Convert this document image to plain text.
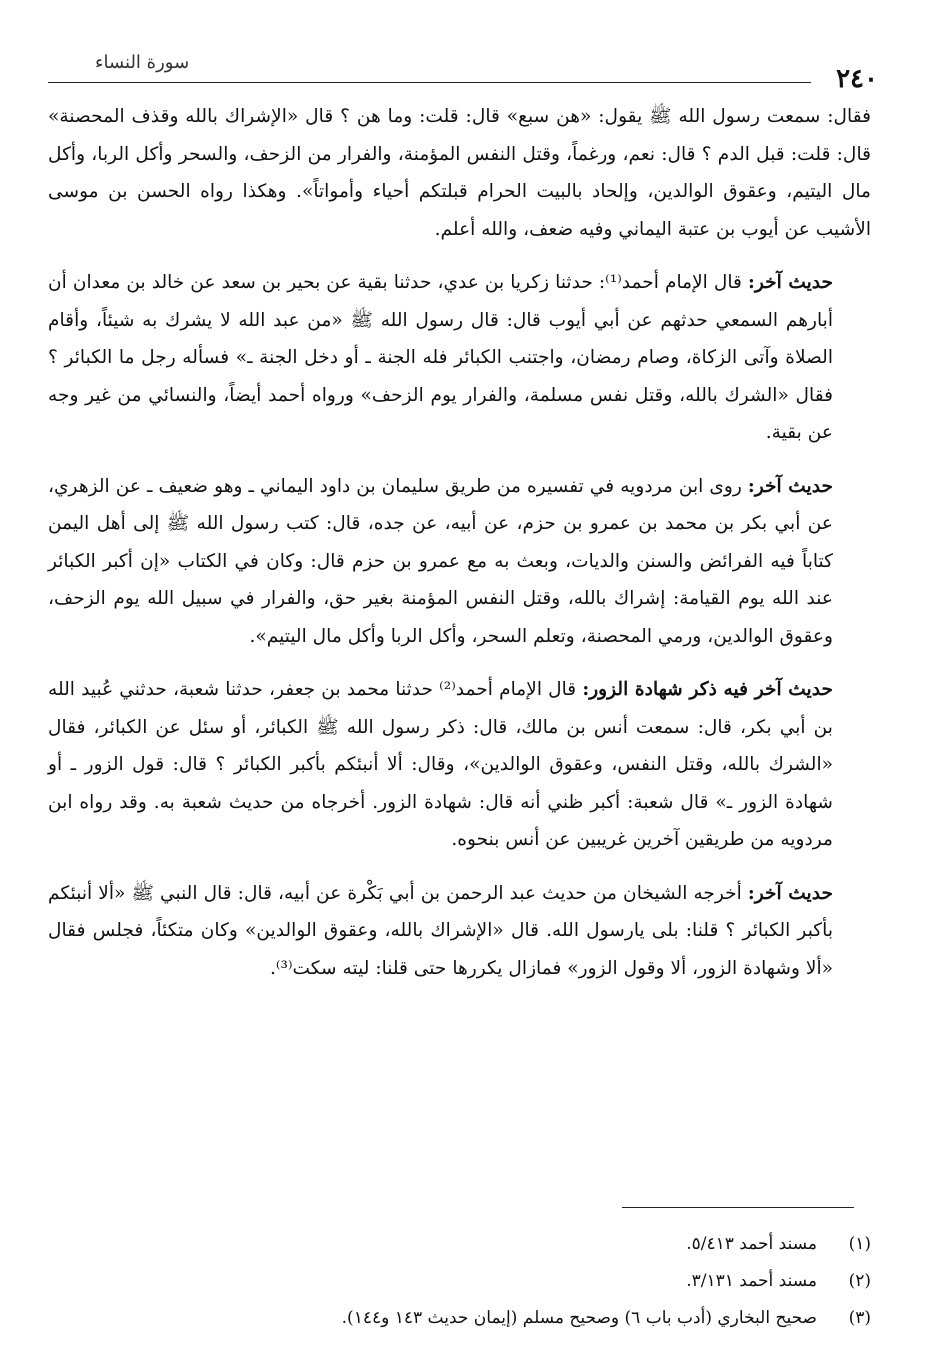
٢٤٠
سورة النساء

فقال: سمعت رسول الله ﷺ يقول: «هن سبع» قال: قلت: وما هن ؟ قال «الإشراك بالله وقذف المحصنة» قال: قلت: قبل الدم ؟ قال: نعم، ورغماً، وقتل النفس المؤمنة، والفرار من الزحف، والسحر وأكل الربا، وأكل مال اليتيم، وعقوق الوالدين، وإلحاد بالبيت الحرام قبلتكم أحياء وأمواتاً». وهكذا رواه الحسن بن موسى الأشيب عن أيوب بن عتبة اليماني وفيه ضعف، والله أعلم.

حديث آخر: قال الإمام أحمد⁽¹⁾: حدثنا زكريا بن عدي، حدثنا بقية عن بحير بن سعد عن خالد بن معدان أن أبارهم السمعي حدثهم عن أبي أيوب قال: قال رسول الله ﷺ «من عبد الله لا يشرك به شيئاً، وأقام الصلاة وآتى الزكاة، وصام رمضان، واجتنب الكبائر فله الجنة ـ أو دخل الجنة ـ» فسأله رجل ما الكبائر ؟ فقال «الشرك بالله، وقتل نفس مسلمة، والفرار يوم الزحف» ورواه أحمد أيضاً، والنسائي من غير وجه عن بقية.

حديث آخر: روى ابن مردويه في تفسيره من طريق سليمان بن داود اليماني ـ وهو ضعيف ـ عن الزهري، عن أبي بكر بن محمد بن عمرو بن حزم، عن أبيه، عن جده، قال: كتب رسول الله ﷺ إلى أهل اليمن كتاباً فيه الفرائض والسنن والديات، وبعث به مع عمرو بن حزم قال: وكان في الكتاب «إن أكبر الكبائر عند الله يوم القيامة: إشراك بالله، وقتل النفس المؤمنة بغير حق، والفرار في سبيل الله يوم الزحف، وعقوق الوالدين، ورمي المحصنة، وتعلم السحر، وأكل الربا وأكل مال اليتيم».

حديث آخر فيه ذكر شهادة الزور: قال الإمام أحمد⁽²⁾ حدثنا محمد بن جعفر، حدثنا شعبة، حدثني عُبيد الله بن أبي بكر، قال: سمعت أنس بن مالك، قال: ذكر رسول الله ﷺ الكبائر، أو سئل عن الكبائر، فقال «الشرك بالله، وقتل النفس، وعقوق الوالدين»، وقال: ألا أنبئكم بأكبر الكبائر ؟ قال: قول الزور ـ أو شهادة الزور ـ» قال شعبة: أكبر ظني أنه قال: شهادة الزور. أخرجاه من حديث شعبة به. وقد رواه ابن مردويه من طريقين آخرين غريبين عن أنس بنحوه.

حديث آخر: أخرجه الشيخان من حديث عبد الرحمن بن أبي بَكْرة عن أبيه، قال: قال النبي ﷺ «ألا أنبئكم بأكبر الكبائر ؟ قلنا: بلى يارسول الله. قال «الإشراك بالله، وعقوق الوالدين» وكان متكئاً، فجلس فقال «ألا وشهادة الزور، ألا وقول الزور» فمازال يكررها حتى قلنا: ليته سكت⁽³⁾.

(١)
مسند أحمد ٥/٤١٣.
(٢)
مسند أحمد ٣/١٣١.
(٣)
صحيح البخاري (أدب باب ٦) وصحيح مسلم (إيمان حديث ١٤٣ و١٤٤).
